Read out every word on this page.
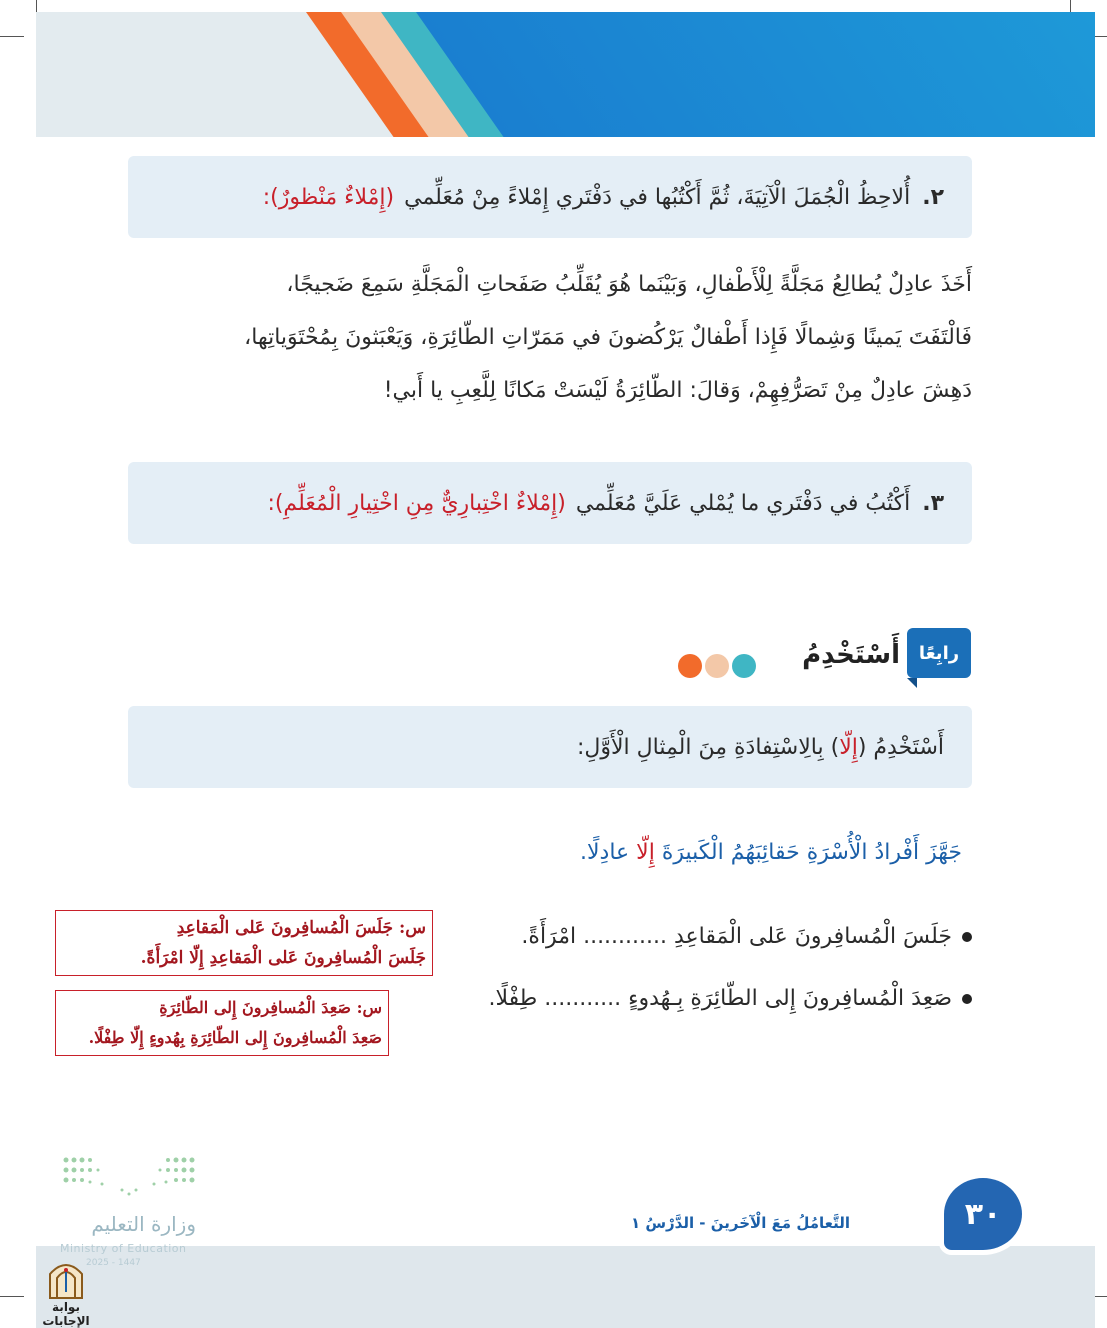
٢.
أُلاحِظُ الْجُمَلَ الْآتِيَةَ، ثُمَّ أَكْتُبُها في دَفْتَري إِمْلاءً مِنْ مُعَلِّمي
(إِمْلاءٌ مَنْظورٌ):
أَخَذَ عادِلٌ يُطالِعُ مَجَلَّةً لِلْأَطْفالِ، وَبَيْنَما هُوَ يُقَلِّبُ صَفَحاتِ الْمَجَلَّةِ سَمِعَ ضَجيجًا،
فَالْتَفَتَ يَمينًا وَشِمالًا فَإِذا أَطْفالٌ يَرْكُضونَ في مَمَرّاتِ الطّائِرَةِ، وَيَعْبَثونَ بِمُحْتَوَياتِها،
دَهِشَ عادِلٌ مِنْ تَصَرُّفِهِمْ، وَقالَ: الطّائِرَةُ لَيْسَتْ مَكانًا لِلَّعِبِ يا أَبي!
٣.
أَكْتُبُ في دَفْتَري ما يُمْلي عَلَيَّ مُعَلِّمي
(إِمْلاءٌ اخْتِبارِيٌّ مِنِ اخْتِيارِ الْمُعَلِّمِ):
رابِعًا
أَسْتَخْدِمُ
أَسْتَخْدِمُ (
إِلّا
) بِالِاسْتِفادَةِ مِنَ الْمِثالِ الْأَوَّلِ:
جَهَّزَ أَفْرادُ الْأُسْرَةِ حَقائِبَهُمُ الْكَبيرَةَ إِلّا عادِلًا.
جَلَسَ الْمُسافِرونَ عَلى الْمَقاعِدِ ............ امْرَأَةً.
صَعِدَ الْمُسافِرونَ إِلى الطّائِرَةِ بِـهُدوءٍ ........... طِفْلًا.
س: جَلَسَ الْمُسافِرونَ عَلى الْمَقاعِدِ
جَلَسَ الْمُسافِرونَ عَلى الْمَقاعِدِ إِلّا امْرَأَةً.
س: صَعِدَ الْمُسافِرونَ إِلى الطّائِرَةِ
صَعِدَ الْمُسافِرونَ إِلى الطّائِرَةِ بِهُدوءٍ إِلّا طِفْلًا.
٣٠
التَّعامُلُ مَعَ الْآخَرينَ - الدَّرْسُ ١
وزارة التعليم
Ministry of Education
2025 - 1447
بوابة الإجابات
